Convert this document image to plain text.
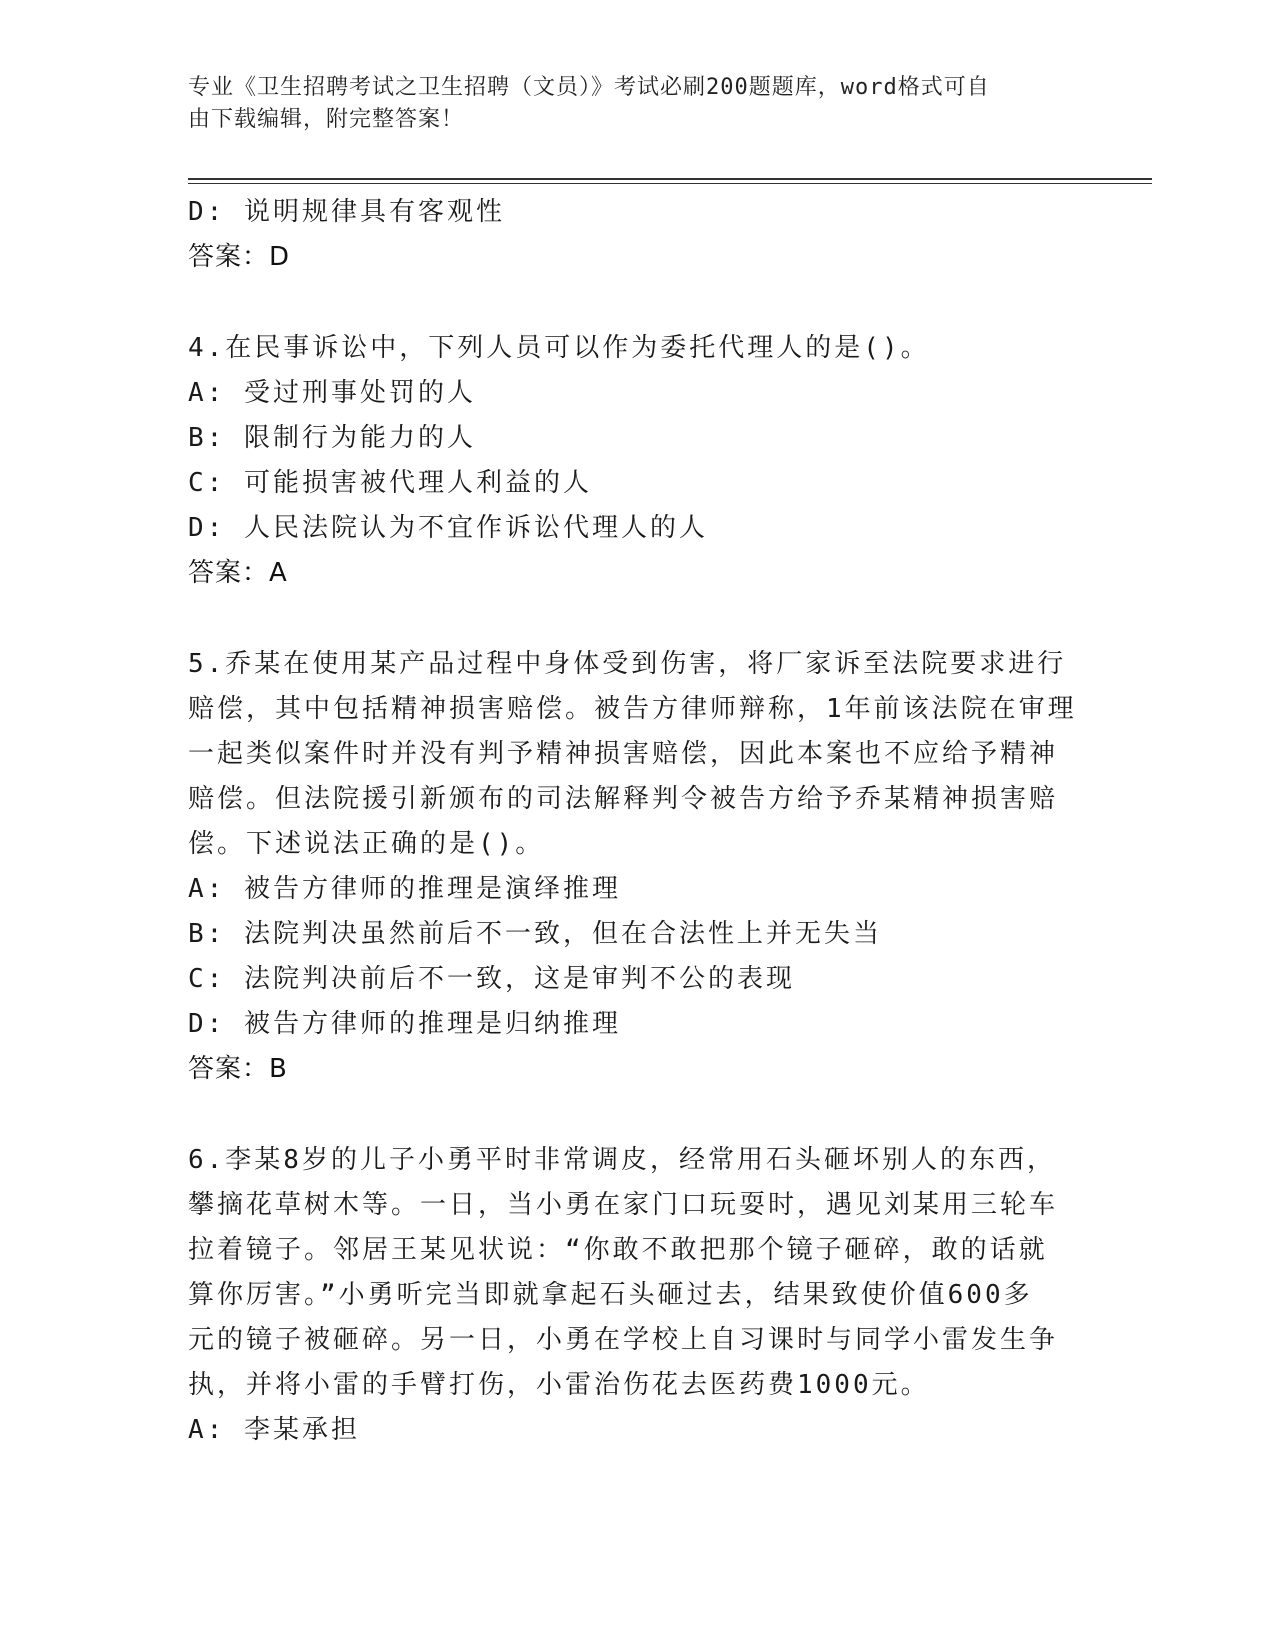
专业《卫生招聘考试之卫生招聘（文员）》考试必刷200题题库，word格式可自
由下载编辑，附完整答案！
D: 说明规律具有客观性
答案：D
4.在民事诉讼中，下列人员可以作为委托代理人的是()。
A: 受过刑事处罚的人
B: 限制行为能力的人
C: 可能损害被代理人利益的人
D: 人民法院认为不宜作诉讼代理人的人
答案：A
5.乔某在使用某产品过程中身体受到伤害，将厂家诉至法院要求进行
赔偿，其中包括精神损害赔偿。被告方律师辩称，1年前该法院在审理
一起类似案件时并没有判予精神损害赔偿，因此本案也不应给予精神
赔偿。但法院援引新颁布的司法解释判令被告方给予乔某精神损害赔
偿。下述说法正确的是()。
A: 被告方律师的推理是演绎推理
B: 法院判决虽然前后不一致，但在合法性上并无失当
C: 法院判决前后不一致，这是审判不公的表现
D: 被告方律师的推理是归纳推理
答案：B
6.李某8岁的儿子小勇平时非常调皮，经常用石头砸坏别人的东西，
攀摘花草树木等。一日，当小勇在家门口玩耍时，遇见刘某用三轮车
拉着镜子。邻居王某见状说：“你敢不敢把那个镜子砸碎，敢的话就
算你厉害。”小勇听完当即就拿起石头砸过去，结果致使价值600多
元的镜子被砸碎。另一日，小勇在学校上自习课时与同学小雷发生争
执，并将小雷的手臂打伤，小雷治伤花去医药费1000元。
A: 李某承担
